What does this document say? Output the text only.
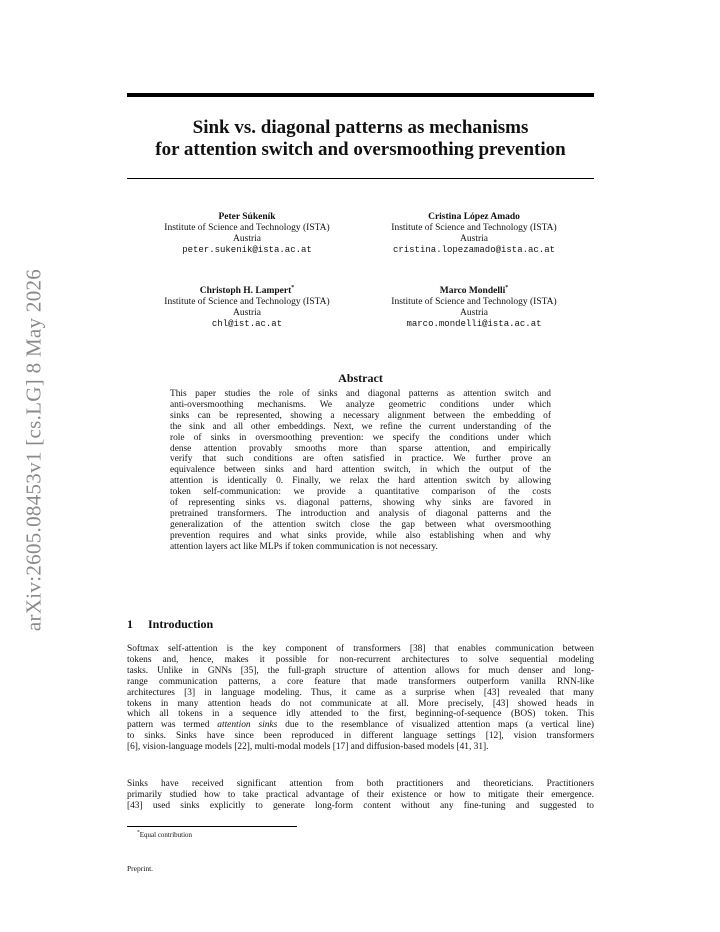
Sink vs. diagonal patterns as mechanisms
for attention switch and oversmoothing prevention
arXiv:2605.08453v1 [cs.LG] 8 May 2026
Peter Súkeník
Institute of Science and Technology (ISTA)
Austria
peter.sukenik@ista.ac.at
Cristina López Amado
Institute of Science and Technology (ISTA)
Austria
cristina.lopezamado@ista.ac.at
Christoph H. Lampert*
Institute of Science and Technology (ISTA)
Austria
chl@ist.ac.at
Marco Mondelli*
Institute of Science and Technology (ISTA)
Austria
marco.mondelli@ista.ac.at
Abstract
This paper studies the role of sinks and diagonal patterns as attention switch and
anti-oversmoothing mechanisms. We analyze geometric conditions under which
sinks can be represented, showing a necessary alignment between the embedding of
the sink and all other embeddings. Next, we refine the current understanding of the
role of sinks in oversmoothing prevention: we specify the conditions under which
dense attention provably smooths more than sparse attention, and empirically
verify that such conditions are often satisfied in practice. We further prove an
equivalence between sinks and hard attention switch, in which the output of the
attention is identically 0. Finally, we relax the hard attention switch by allowing
token self-communication: we provide a quantitative comparison of the costs
of representing sinks vs. diagonal patterns, showing why sinks are favored in
pretrained transformers. The introduction and analysis of diagonal patterns and the
generalization of the attention switch close the gap between what oversmoothing
prevention requires and what sinks provide, while also establishing when and why
attention layers act like MLPs if token communication is not necessary.
1 Introduction
Softmax self-attention is the key component of transformers [38] that enables communication between
tokens and, hence, makes it possible for non-recurrent architectures to solve sequential modeling
tasks. Unlike in GNNs [35], the full-graph structure of attention allows for much denser and long-
range communication patterns, a core feature that made transformers outperform vanilla RNN-like
architectures [3] in language modeling. Thus, it came as a surprise when [43] revealed that many
tokens in many attention heads do not communicate at all. More precisely, [43] showed heads in
which all tokens in a sequence idly attended to the first, beginning-of-sequence (BOS) token. This
pattern was termed attention sinks due to the resemblance of visualized attention maps (a vertical line)
to sinks. Sinks have since been reproduced in different language settings [12], vision transformers
[6], vision-language models [22], multi-modal models [17] and diffusion-based models [41, 31].
Sinks have received significant attention from both practitioners and theoreticians. Practitioners
primarily studied how to take practical advantage of their existence or how to mitigate their emergence.
[43] used sinks explicitly to generate long-form content without any fine-tuning and suggested to
*Equal contribution
Preprint.
